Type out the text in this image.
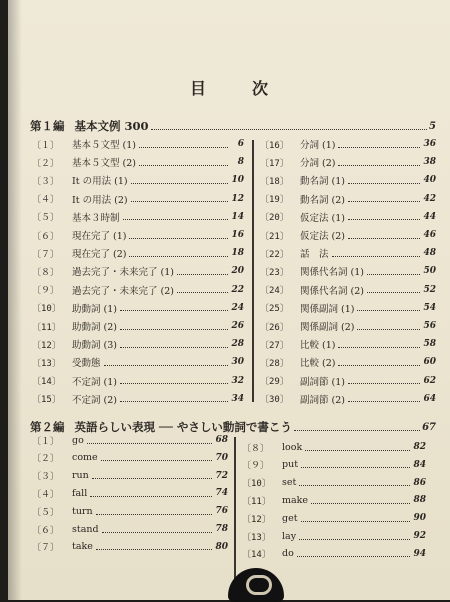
目次
第１編 基本文例 300	5
〔１〕	基本５文型 (1)	6
〔２〕	基本５文型 (2)	8
〔３〕	It の用法 (1)	10
〔４〕	It の用法 (2)	12
〔５〕	基本３時制	14
〔６〕	現在完了 (1)	16
〔７〕	現在完了 (2)	18
〔８〕	過去完了・未来完了 (1)	20
〔９〕	過去完了・未来完了 (2)	22
〔10〕	助動詞 (1)	24
〔11〕	助動詞 (2)	26
〔12〕	助動詞 (3)	28
〔13〕	受動態	30
〔14〕	不定詞 (1)	32
〔15〕	不定詞 (2)	34
〔16〕	分詞 (1)	36
〔17〕	分詞 (2)	38
〔18〕	動名詞 (1)	40
〔19〕	動名詞 (2)	42
〔20〕	仮定法 (1)	44
〔21〕	仮定法 (2)	46
〔22〕	話　法	48
〔23〕	関係代名詞 (1)	50
〔24〕	関係代名詞 (2)	52
〔25〕	関係副詞 (1)	54
〔26〕	関係副詞 (2)	56
〔27〕	比較 (1)	58
〔28〕	比較 (2)	60
〔29〕	副詞節 (1)	62
〔30〕	副詞節 (2)	64
第２編 英語らしい表現 ── やさしい動詞で書こう	67
〔１〕	go	68
〔２〕	come	70
〔３〕	run	72
〔４〕	fall	74
〔５〕	turn	76
〔６〕	stand	78
〔７〕	take	80
〔８〕	look	82
〔９〕	put	84
〔10〕	set	86
〔11〕	make	88
〔12〕	get	90
〔13〕	lay	92
〔14〕	do	94
